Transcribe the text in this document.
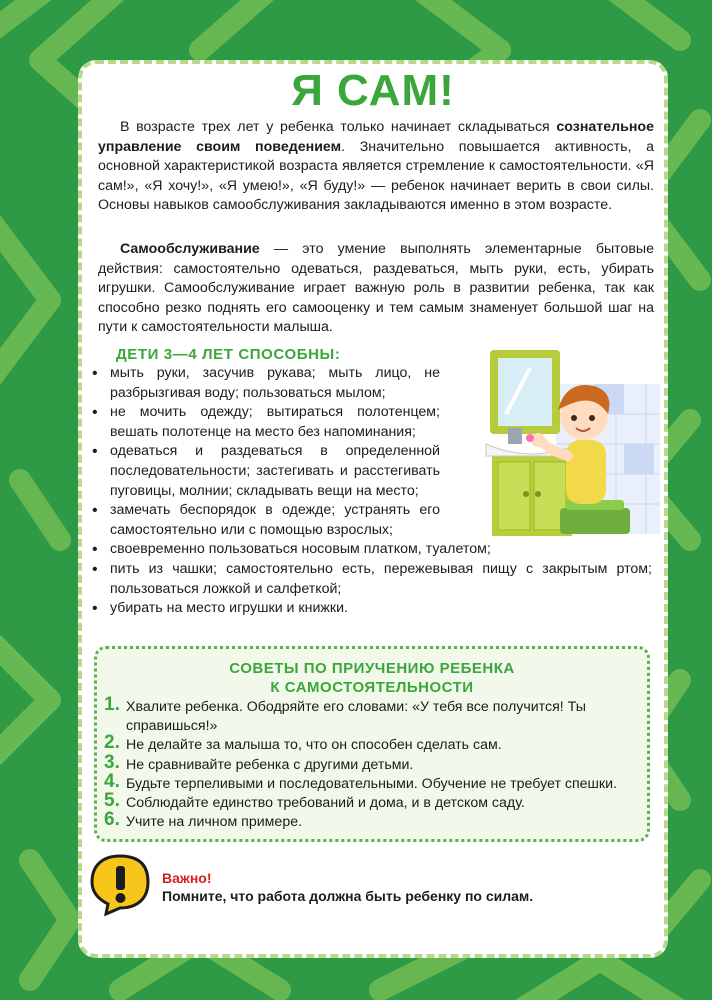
Я САМ!

В возрасте трех лет у ребенка только начинает складываться сознательное управление своим поведением. Значительно повышается активность, а основной характеристикой возраста является стремление к самостоятельности. «Я сам!», «Я хочу!», «Я умею!», «Я буду!» — ребенок начинает верить в свои силы. Основы навыков самообслуживания закладываются именно в этом возрасте.

Самообслуживание — это умение выполнять элементарные бытовые действия: самостоятельно одеваться, раздеваться, мыть руки, есть, убирать игрушки. Самообслуживание играет важную роль в развитии ребенка, так как способно резко поднять его самооценку и тем самым знаменует большой шаг на пути к самостоятельности малыша.

ДЕТИ 3—4 ЛЕТ СПОСОБНЫ:
• мыть руки, засучив рукава; мыть лицо, не разбрызгивая воду; пользоваться мылом;
• не мочить одежду; вытираться полотенцем; вешать полотенце на место без напоминания;
• одеваться и раздеваться в определенной последовательности; застегивать и расстегивать пуговицы, молнии; складывать вещи на место;
• замечать беспорядок в одежде; устранять его самостоятельно или с помощью взрослых;
• своевременно пользоваться носовым платком, туалетом;
• пить из чашки; самостоятельно есть, пережевывая пищу с закрытым ртом; пользоваться ложкой и салфеткой;
• убирать на место игрушки и книжки.
СОВЕТЫ ПО ПРИУЧЕНИЮ РЕБЕНКА
К САМОСТОЯТЕЛЬНОСТИ
1. Хвалите ребенка. Ободряйте его словами: «У тебя все получится! Ты справишься!»
2. Не делайте за малыша то, что он способен сделать сам.
3. Не сравнивайте ребенка с другими детьми.
4. Будьте терпеливыми и последовательными. Обучение не требует спешки.
5. Соблюдайте единство требований и дома, и в детском саду.
6. Учите на личном примере.
Важно!
Помните, что работа должна быть ребенку по силам.
